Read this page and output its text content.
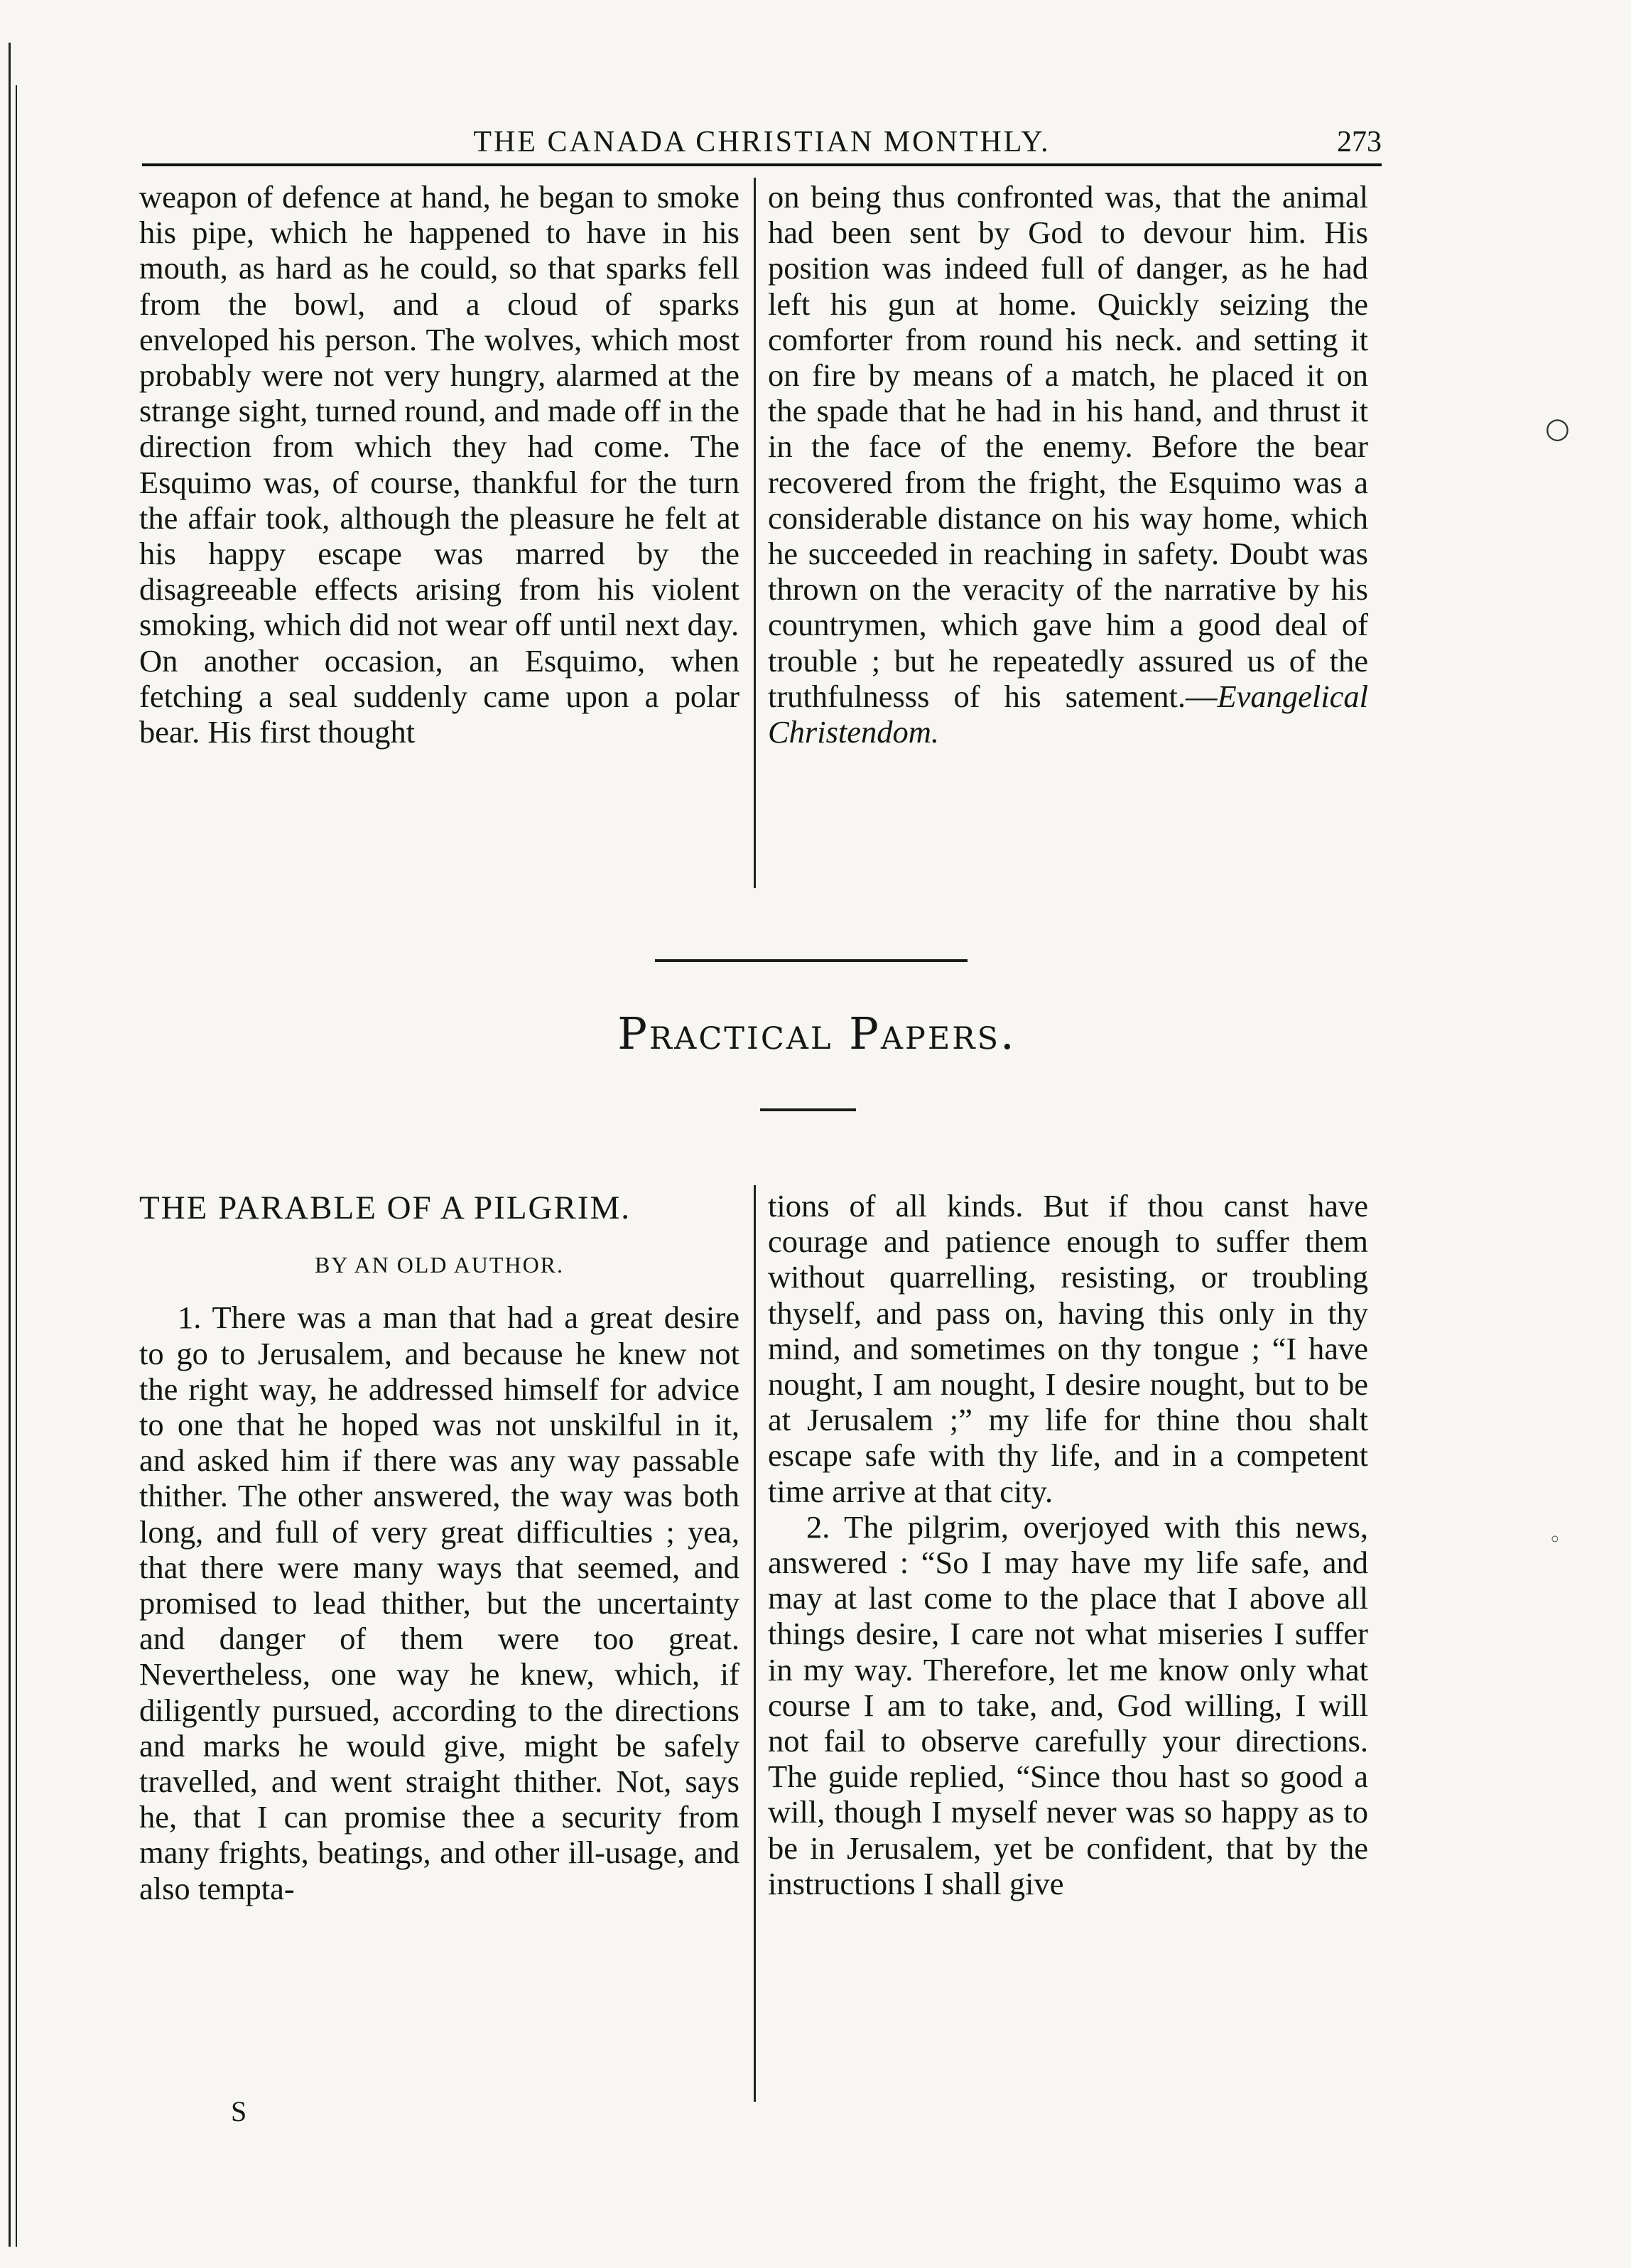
THE CANADA CHRISTIAN MONTHLY.	273

weapon of defence at hand, he began to smoke his pipe, which he happened to have in his mouth, as hard as he could, so that sparks fell from the bowl, and a cloud of sparks enveloped his person. The wolves, which most probably were not very hungry, alarmed at the strange sight, turned round, and made off in the direction from which they had come. The Esquimo was, of course, thankful for the turn the affair took, although the pleasure he felt at his happy escape was marred by the disagreeable effects arising from his violent smoking, which did not wear off until next day.

On another occasion, an Esquimo, when fetching a seal suddenly came upon a polar bear. His first thought

on being thus confronted was, that the animal had been sent by God to devour him. His position was indeed full of danger, as he had left his gun at home. Quickly seizing the comforter from round his neck. and setting it on fire by means of a match, he placed it on the spade that he had in his hand, and thrust it in the face of the enemy. Before the bear recovered from the fright, the Esquimo was a considerable distance on his way home, which he succeeded in reaching in safety. Doubt was thrown on the veracity of the narrative by his countrymen, which gave him a good deal of trouble ; but he repeatedly assured us of the truthfulnesss of his satement.—Evangelical Christendom.

Practical Papers.
THE PARABLE OF A PILGRIM.
BY AN OLD AUTHOR.

1. There was a man that had a great desire to go to Jerusalem, and because he knew not the right way, he addressed himself for advice to one that he hoped was not unskilful in it, and asked him if there was any way passable thither. The other answered, the way was both long, and full of very great difficulties ; yea, that there were many ways that seemed, and promised to lead thither, but the uncertainty and danger of them were too great. Nevertheless, one way he knew, which, if diligently pursued, according to the directions and marks he would give, might be safely travelled, and went straight thither. Not, says he, that I can promise thee a security from many frights, beatings, and other ill-usage, and also tempta-

tions of all kinds. But if thou canst have courage and patience enough to suffer them without quarrelling, resisting, or troubling thyself, and pass on, having this only in thy mind, and sometimes on thy tongue ; “I have nought, I am nought, I desire nought, but to be at Jerusalem ;” my life for thine thou shalt escape safe with thy life, and in a competent time arrive at that city.

2. The pilgrim, overjoyed with this news, answered : “So I may have my life safe, and may at last come to the place that I above all things desire, I care not what miseries I suffer in my way. Therefore, let me know only what course I am to take, and, God willing, I will not fail to observe carefully your directions. The guide replied, “Since thou hast so good a will, though I myself never was so happy as to be in Jerusalem, yet be confident, that by the instructions I shall give

S
○
◦
